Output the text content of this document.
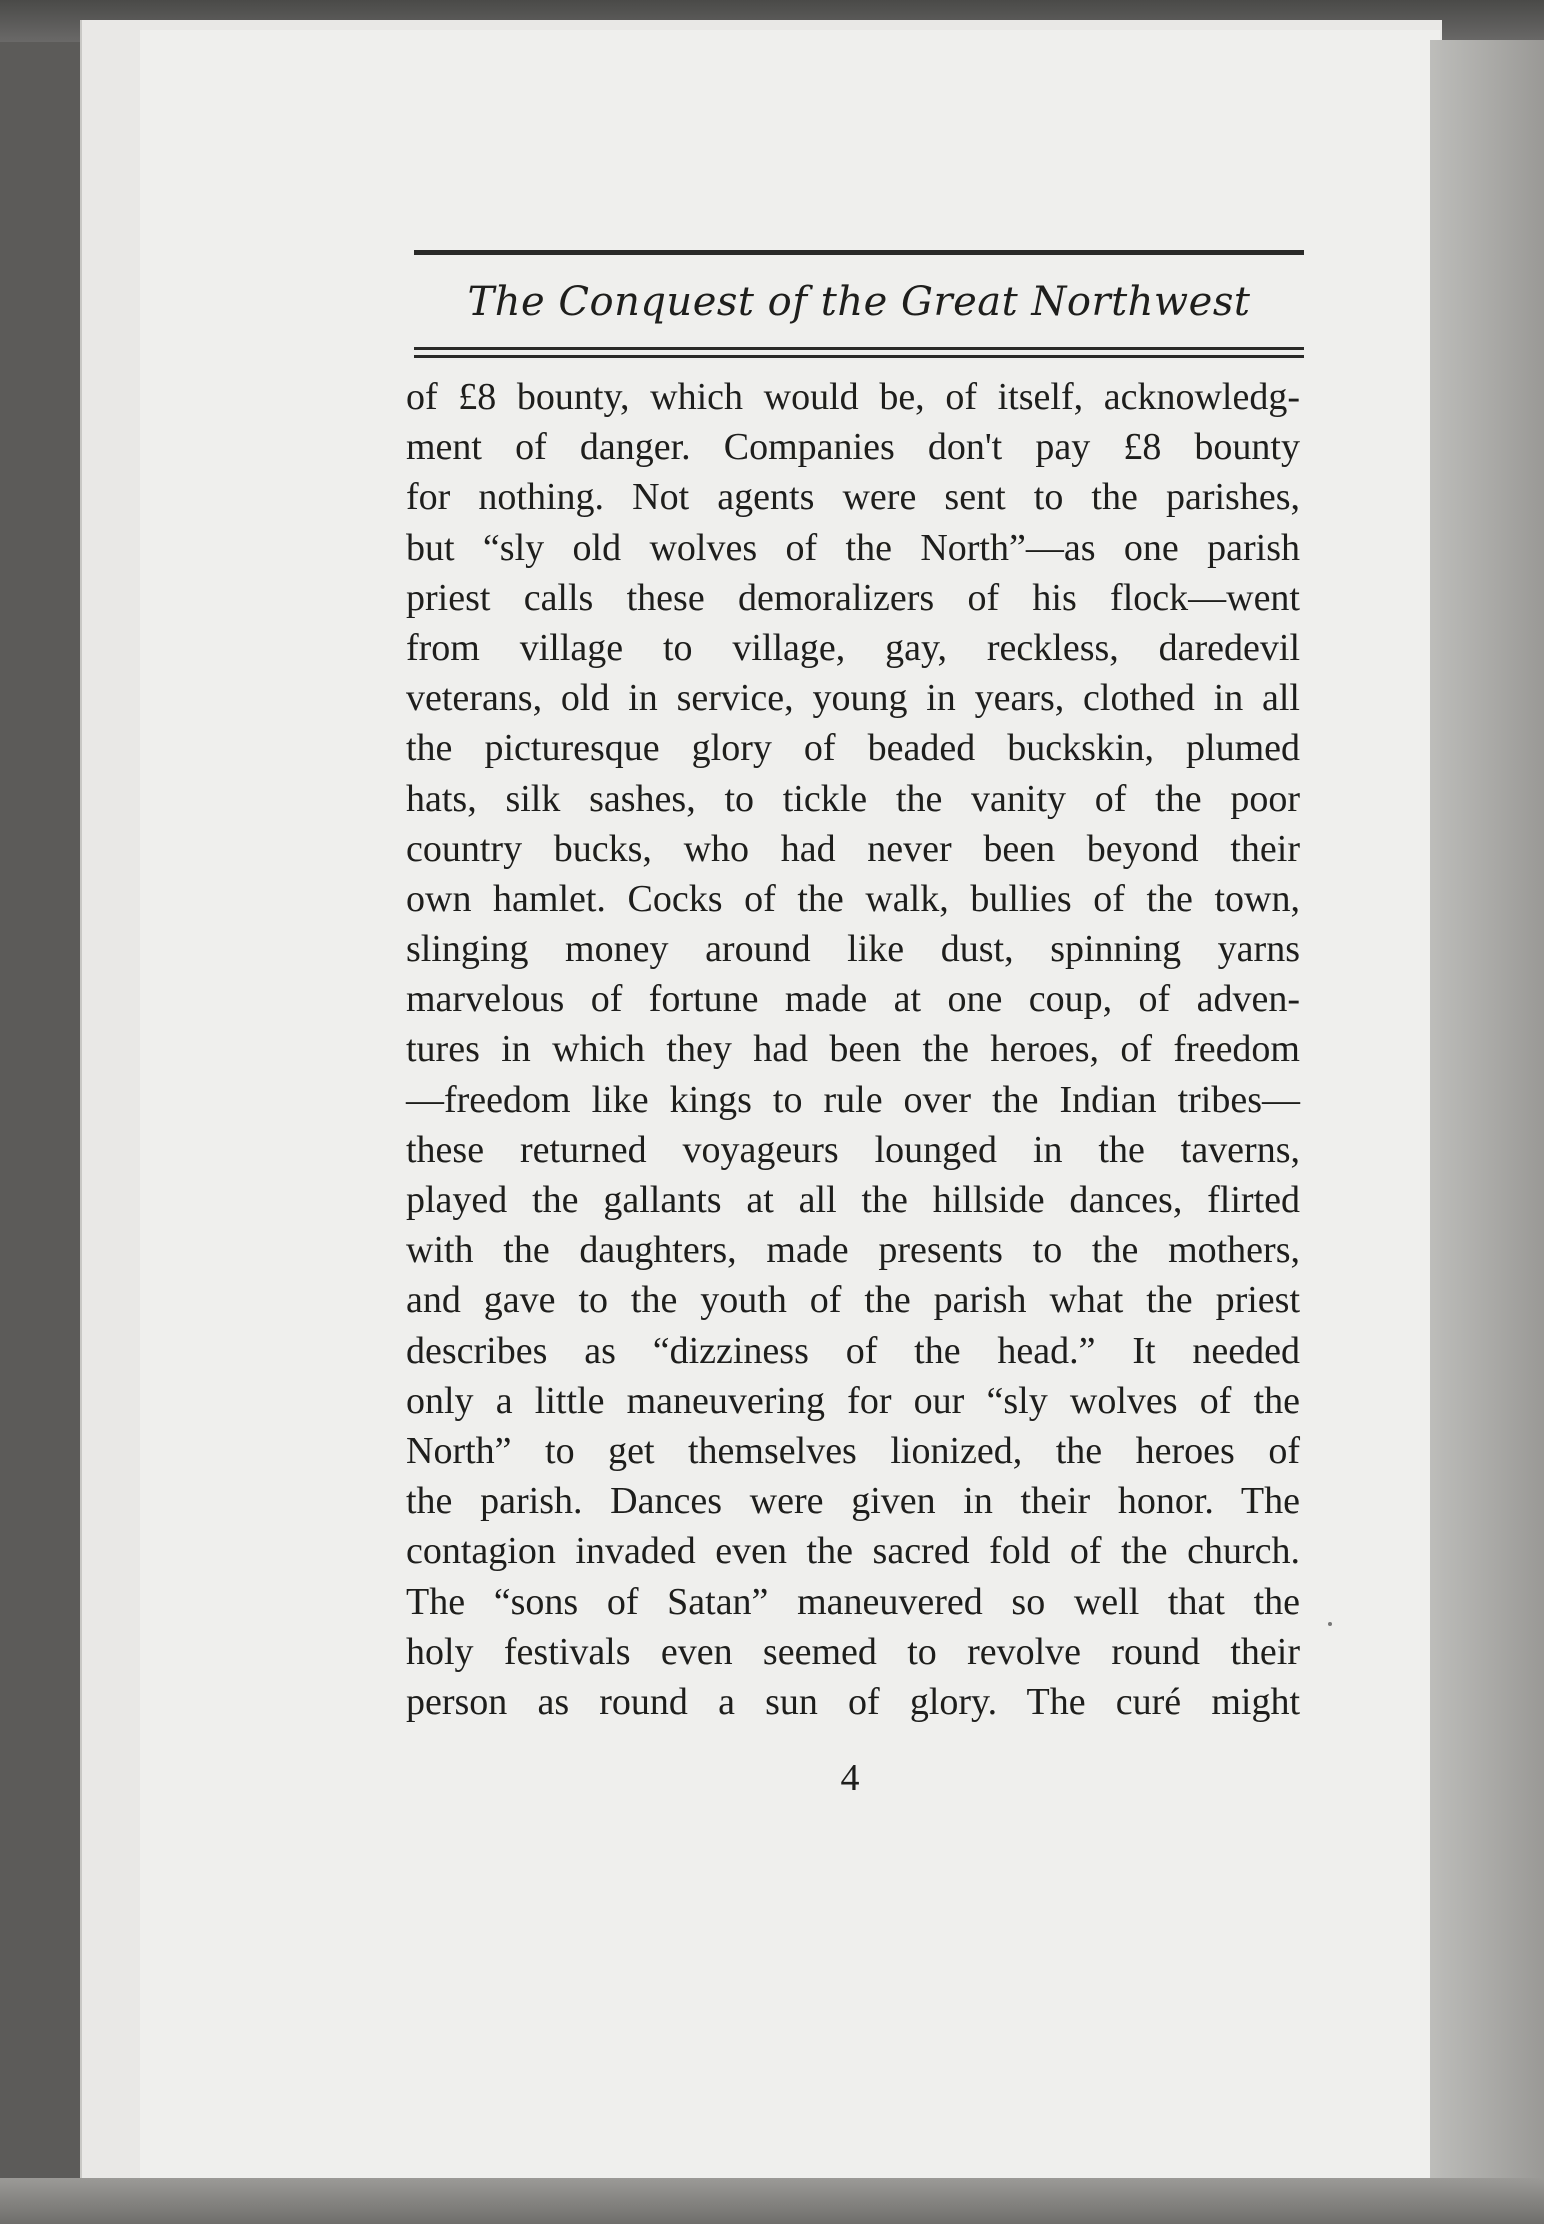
The Conquest of the Great Northwest
of £8 bounty, which would be, of itself, acknowledg-
ment of danger. Companies don't pay £8 bounty
for nothing. Not agents were sent to the parishes,
but “sly old wolves of the North”—as one parish
priest calls these demoralizers of his flock—went
from village to village, gay, reckless, daredevil
veterans, old in service, young in years, clothed in all
the picturesque glory of beaded buckskin, plumed
hats, silk sashes, to tickle the vanity of the poor
country bucks, who had never been beyond their
own hamlet. Cocks of the walk, bullies of the town,
slinging money around like dust, spinning yarns
marvelous of fortune made at one coup, of adven-
tures in which they had been the heroes, of freedom
—freedom like kings to rule over the Indian tribes—
these returned voyageurs lounged in the taverns,
played the gallants at all the hillside dances, flirted
with the daughters, made presents to the mothers,
and gave to the youth of the parish what the priest
describes as “dizziness of the head.” It needed
only a little maneuvering for our “sly wolves of the
North” to get themselves lionized, the heroes of
the parish. Dances were given in their honor. The
contagion invaded even the sacred fold of the church.
The “sons of Satan” maneuvered so well that the
holy festivals even seemed to revolve round their
person as round a sun of glory. The curé might
4
